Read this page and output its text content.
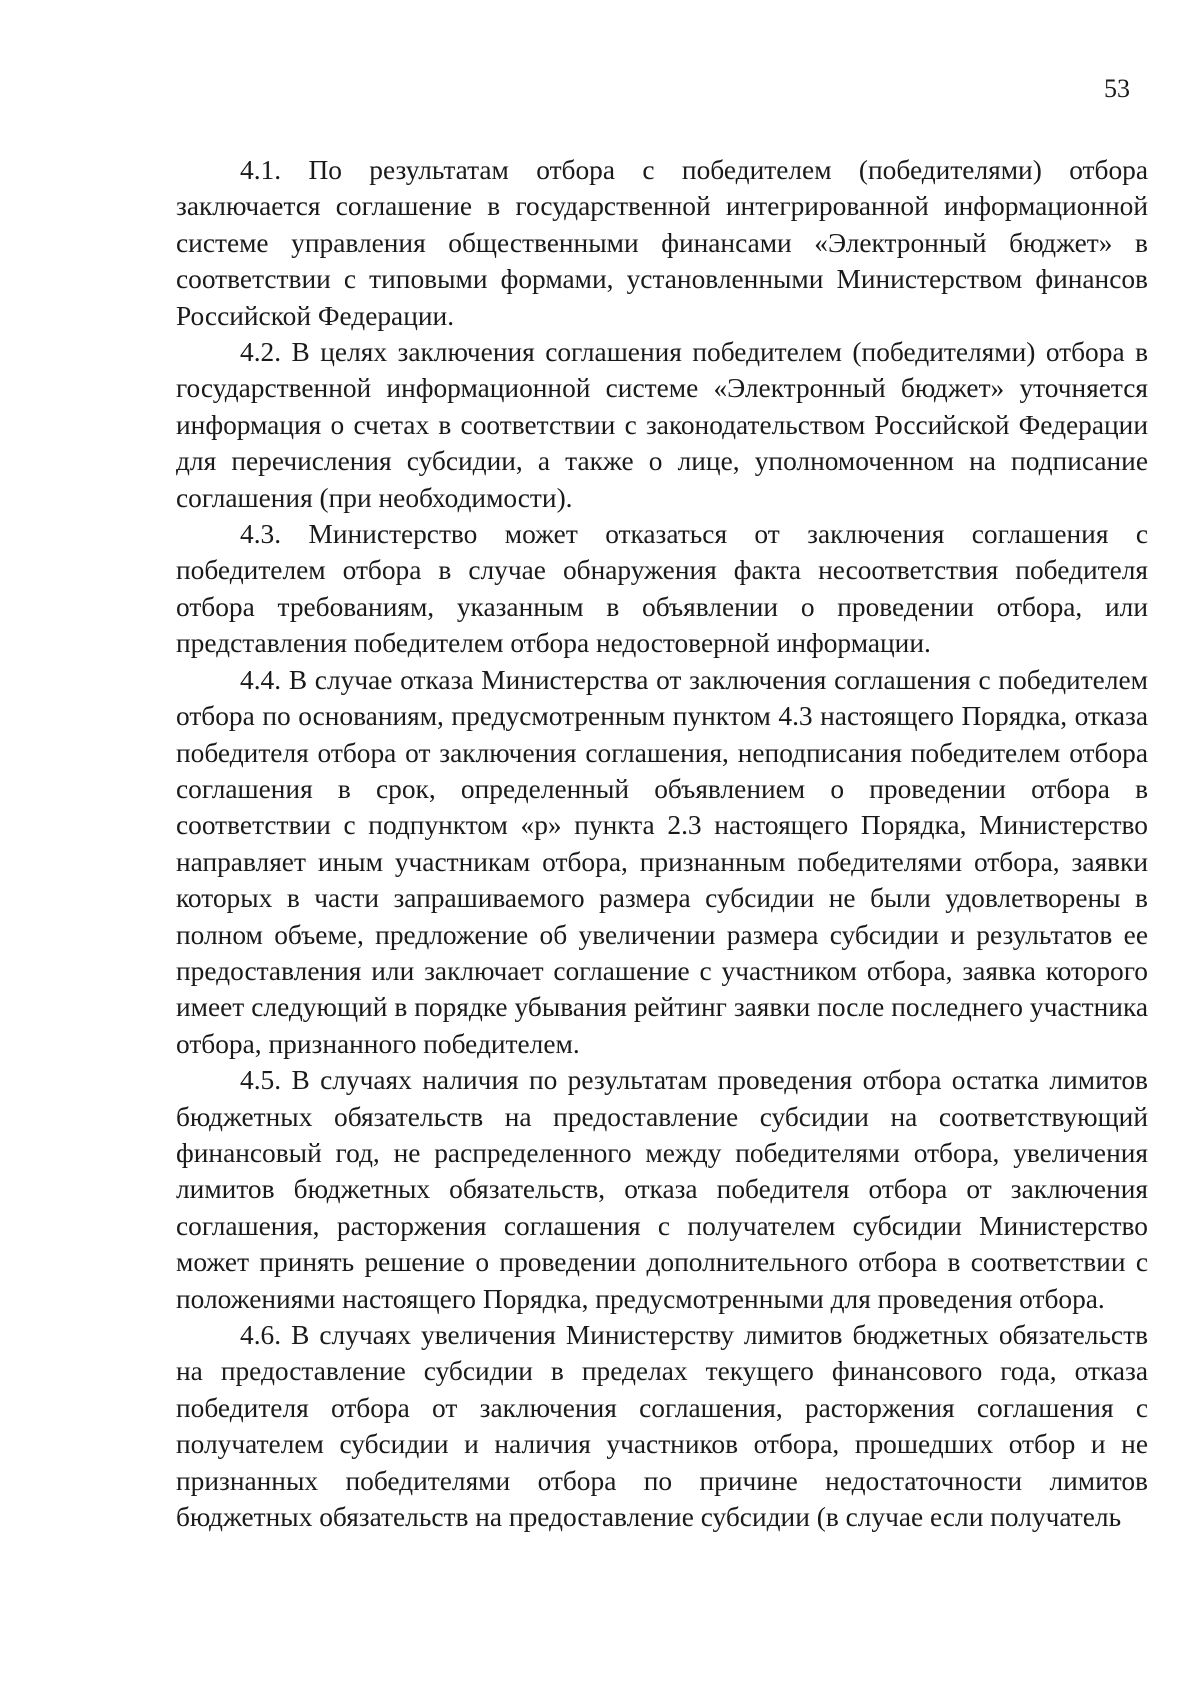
53

4.1. По результатам отбора с победителем (победителями) отбора заключается соглашение в государственной интегрированной информационной системе управления общественными финансами «Электронный бюджет» в соответствии с типовыми формами, установленными Министерством финансов Российской Федерации.

4.2. В целях заключения соглашения победителем (победителями) отбора в государственной информационной системе «Электронный бюджет» уточняется информация о счетах в соответствии с законодательством Российской Федерации для перечисления субсидии, а также о лице, уполномоченном на подписание соглашения (при необходимости).

4.3. Министерство может отказаться от заключения соглашения с победителем отбора в случае обнаружения факта несоответствия победителя отбора требованиям, указанным в объявлении о проведении отбора, или представления победителем отбора недостоверной информации.

4.4. В случае отказа Министерства от заключения соглашения с победителем отбора по основаниям, предусмотренным пунктом 4.3 настоящего Порядка, отказа победителя отбора от заключения соглашения, неподписания победителем отбора соглашения в срок, определенный объявлением о проведении отбора в соответствии с подпунктом «р» пункта 2.3 настоящего Порядка, Министерство направляет иным участникам отбора, признанным победителями отбора, заявки которых в части запрашиваемого размера субсидии не были удовлетворены в полном объеме, предложение об увеличении размера субсидии и результатов ее предоставления или заключает соглашение с участником отбора, заявка которого имеет следующий в порядке убывания рейтинг заявки после последнего участника отбора, признанного победителем.

4.5. В случаях наличия по результатам проведения отбора остатка лимитов бюджетных обязательств на предоставление субсидии на соответствующий финансовый год, не распределенного между победителями отбора, увеличения лимитов бюджетных обязательств, отказа победителя отбора от заключения соглашения, расторжения соглашения с получателем субсидии Министерство может принять решение о проведении дополнительного отбора в соответствии с положениями настоящего Порядка, предусмотренными для проведения отбора.

4.6. В случаях увеличения Министерству лимитов бюджетных обязательств на предоставление субсидии в пределах текущего финансового года, отказа победителя отбора от заключения соглашения, расторжения соглашения с получателем субсидии и наличия участников отбора, прошедших отбор и не признанных победителями отбора по причине недостаточности лимитов бюджетных обязательств на предоставление субсидии (в случае если получатель
